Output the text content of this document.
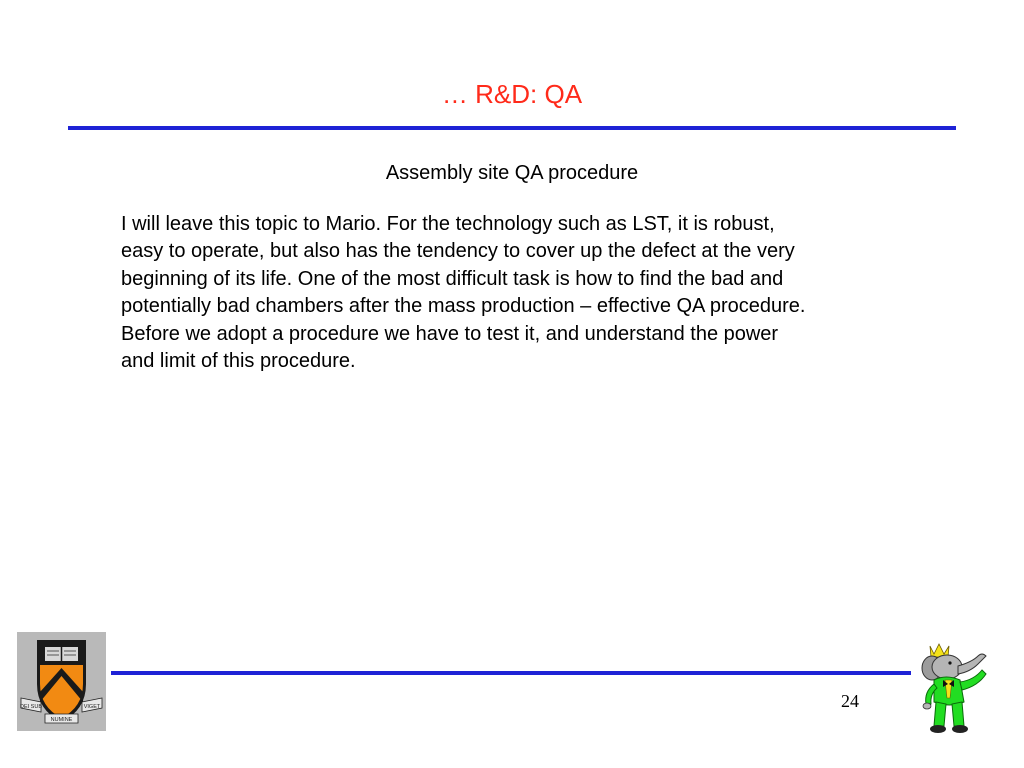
… R&D: QA
Assembly site QA procedure
I will leave this topic to Mario. For the technology such as LST, it is robust,
easy to operate, but also has the tendency to cover up the defect at the very
beginning of its life. One of the most difficult task is how to find the bad and
potentially bad chambers after the mass production – effective QA procedure.
Before we adopt a procedure we have to test it, and understand the power
and limit of this procedure.
DEI SUB
NUMINE
VIGET	24
